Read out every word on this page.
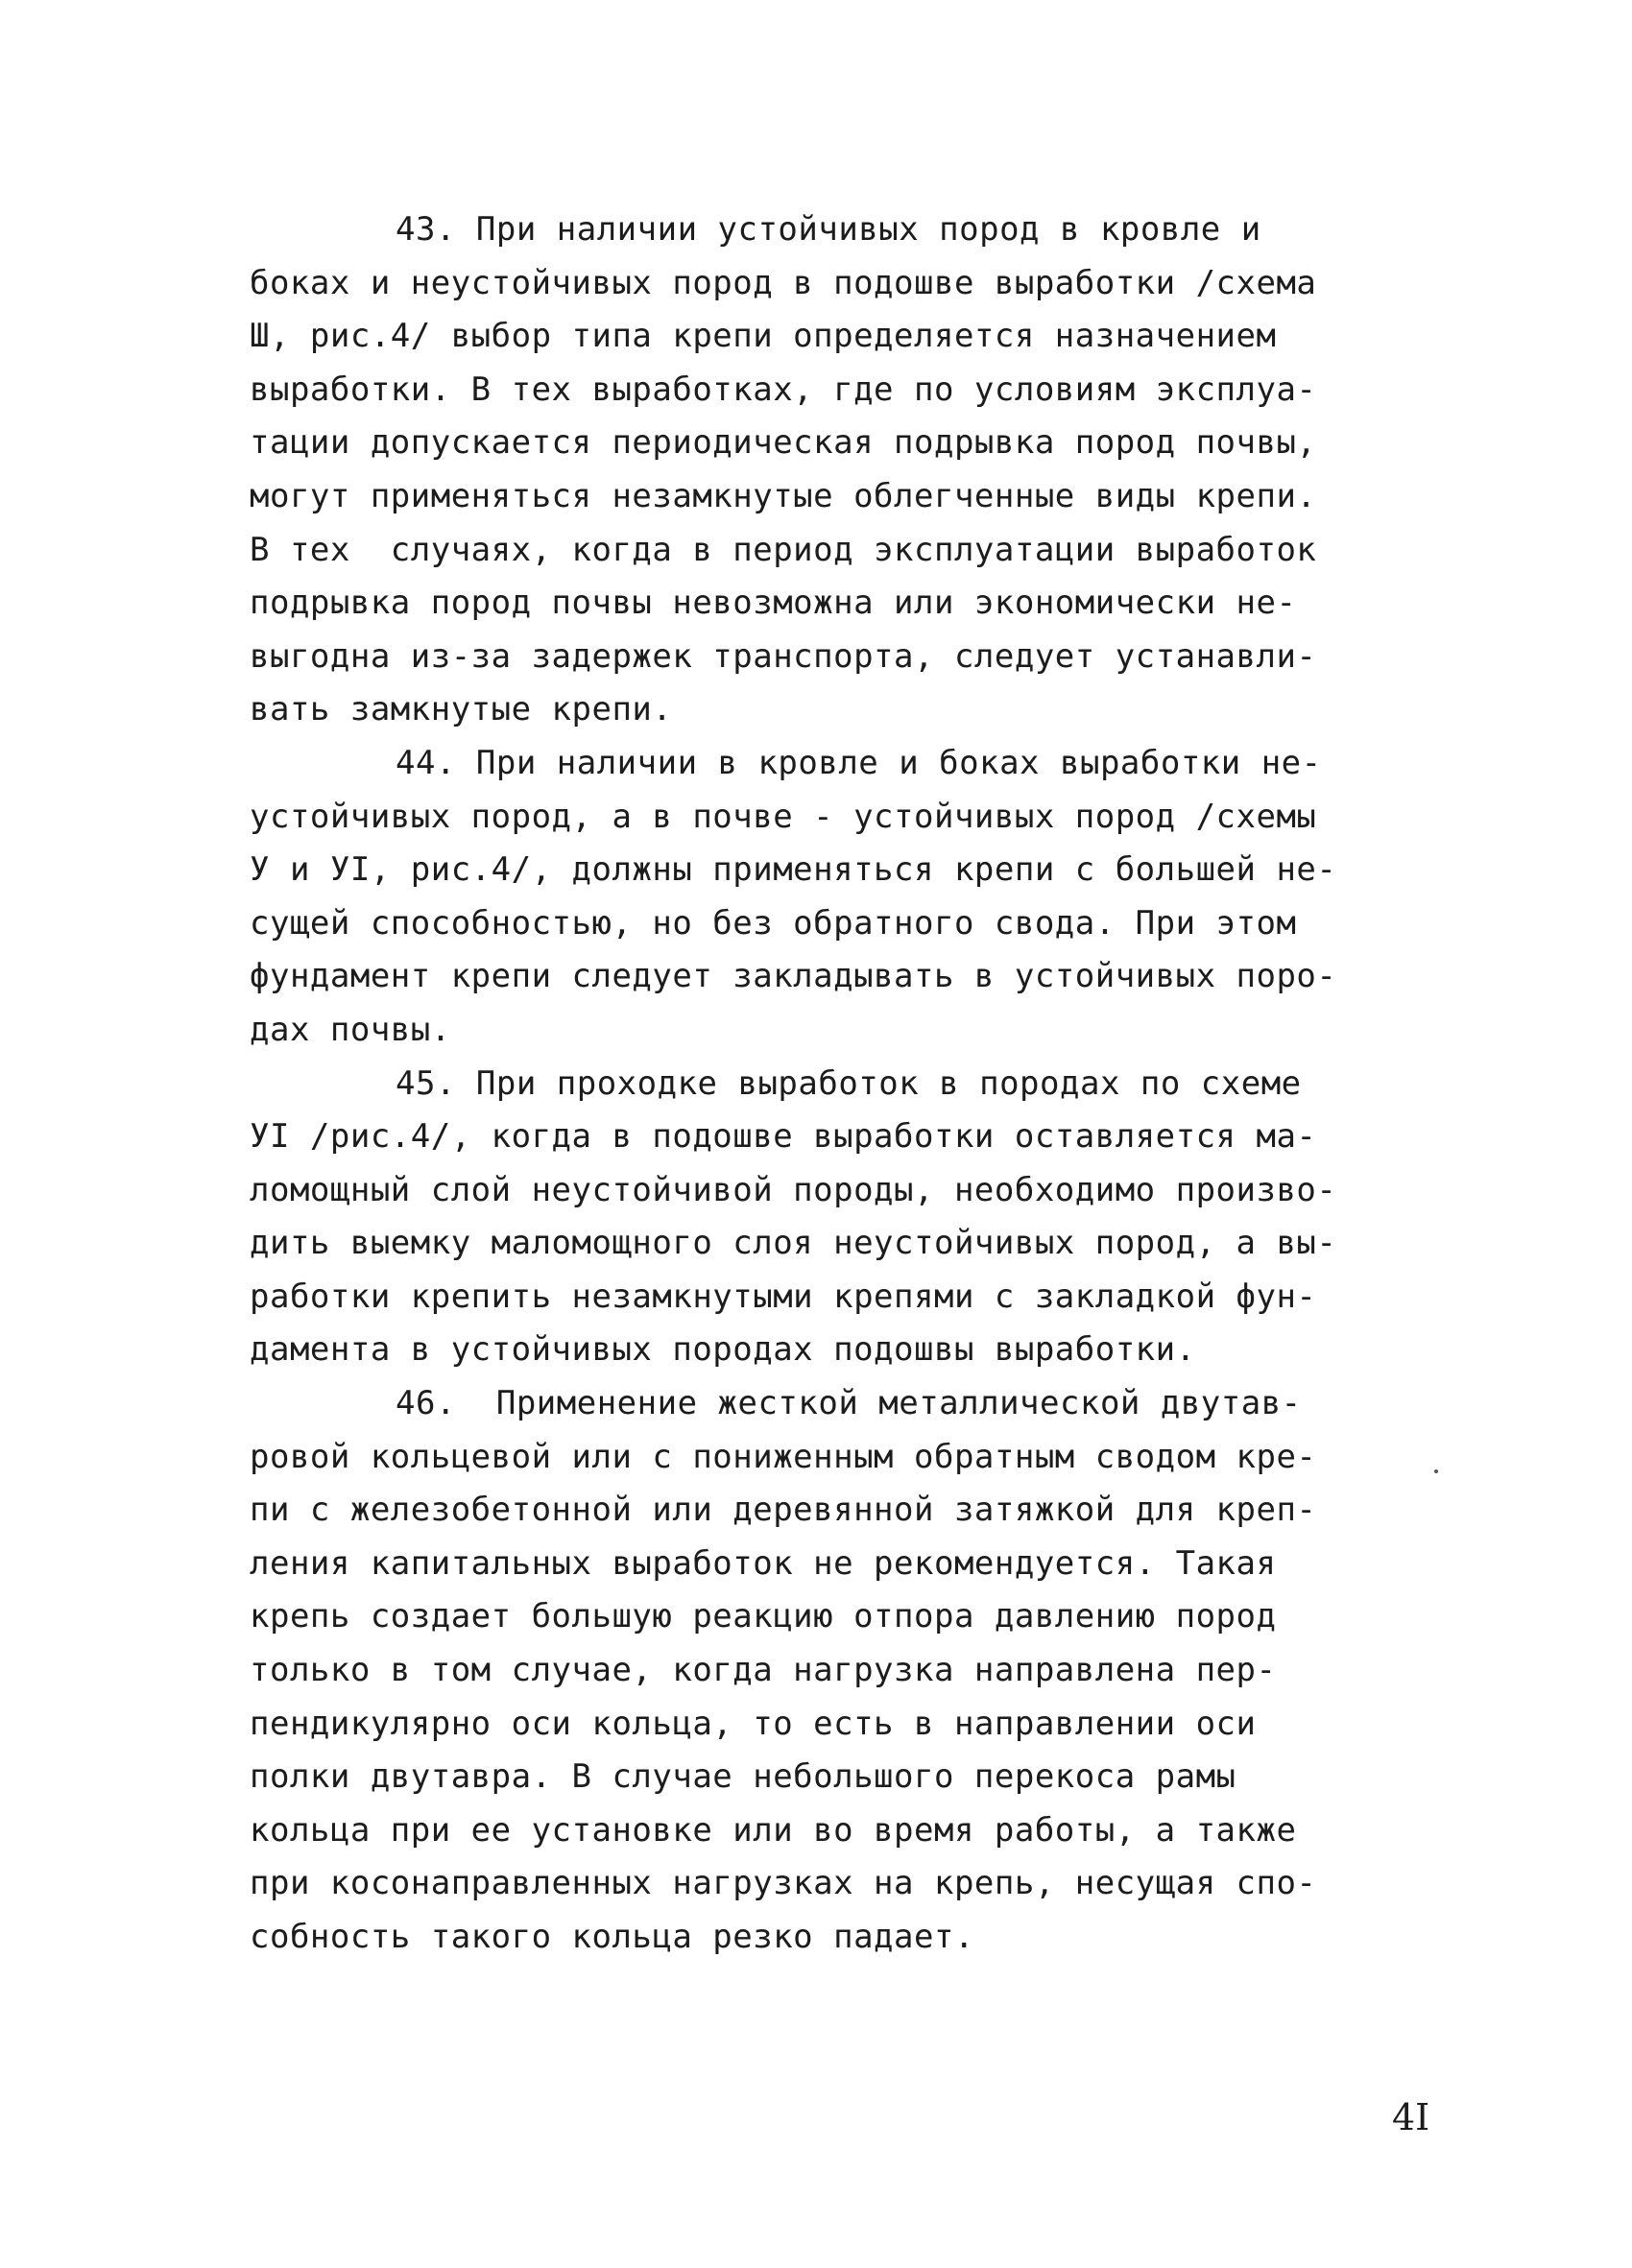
43. При наличии устойчивых пород в кровле и
боках и неустойчивых пород в подошве выработки /схема
Ш, рис.4/ выбор типа крепи определяется назначением
выработки. В тех выработках, где по условиям эксплуа-
тации допускается периодическая подрывка пород почвы,
могут применяться незамкнутые облегченные виды крепи.
В тех  случаях, когда в период эксплуатации выработок
подрывка пород почвы невозможна или экономически не-
выгодна из-за задержек транспорта, следует устанавли-
вать замкнутые крепи.
44. При наличии в кровле и боках выработки не-
устойчивых пород, а в почве - устойчивых пород /схемы
У и УI, рис.4/, должны применяться крепи с большей не-
сущей способностью, но без обратного свода. При этом
фундамент крепи следует закладывать в устойчивых поро-
дах почвы.
45. При проходке выработок в породах по схеме
УI /рис.4/, когда в подошве выработки оставляется ма-
ломощный слой неустойчивой породы, необходимо произво-
дить выемку маломощного слоя неустойчивых пород, а вы-
работки крепить незамкнутыми крепями с закладкой фун-
дамента в устойчивых породах подошвы выработки.
46.  Применение жесткой металлической двутав-
ровой кольцевой или с пониженным обратным сводом кре-
пи с железобетонной или деревянной затяжкой для креп-
ления капитальных выработок не рекомендуется. Такая
крепь создает большую реакцию отпора давлению пород
только в том случае, когда нагрузка направлена пер-
пендикулярно оси кольца, то есть в направлении оси
полки двутавра. В случае небольшого перекоса рамы
кольца при ее установке или во время работы, а также
при косонаправленных нагрузках на крепь, несущая спо-
собность такого кольца резко падает.
4I
